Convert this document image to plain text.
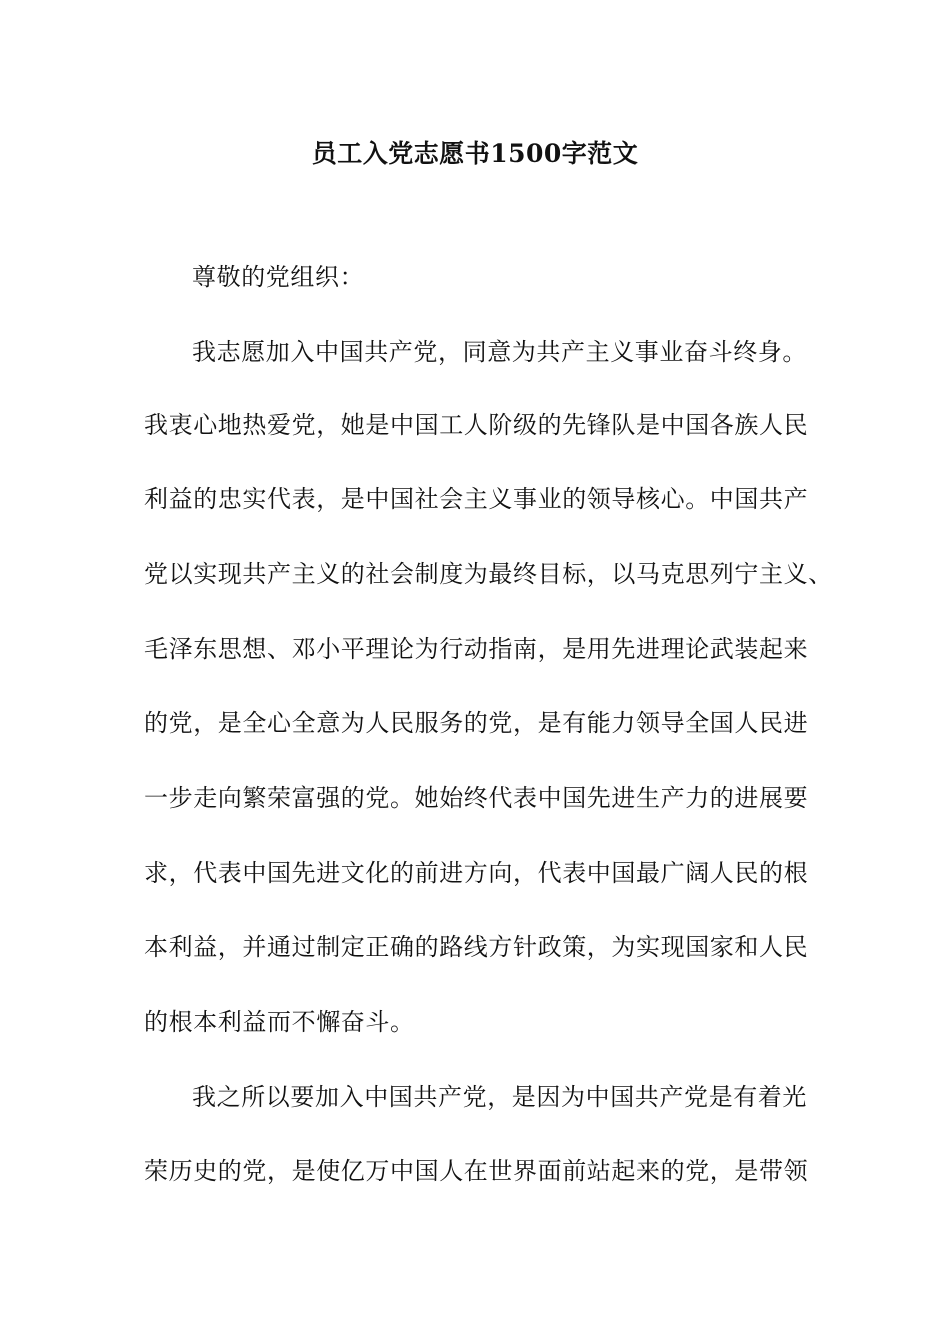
员工入党志愿书1500字范文
尊敬的党组织：
我志愿加入中国共产党，同意为共产主义事业奋斗终身。
我衷心地热爱党，她是中国工人阶级的先锋队是中国各族人民
利益的忠实代表，是中国社会主义事业的领导核心。中国共产
党以实现共产主义的社会制度为最终目标，以马克思列宁主义、
毛泽东思想、邓小平理论为行动指南，是用先进理论武装起来
的党，是全心全意为人民服务的党，是有能力领导全国人民进
一步走向繁荣富强的党。她始终代表中国先进生产力的进展要
求，代表中国先进文化的前进方向，代表中国最广阔人民的根
本利益，并通过制定正确的路线方针政策，为实现国家和人民
的根本利益而不懈奋斗。
我之所以要加入中国共产党，是因为中国共产党是有着光
荣历史的党，是使亿万中国人在世界面前站起来的党，是带领
